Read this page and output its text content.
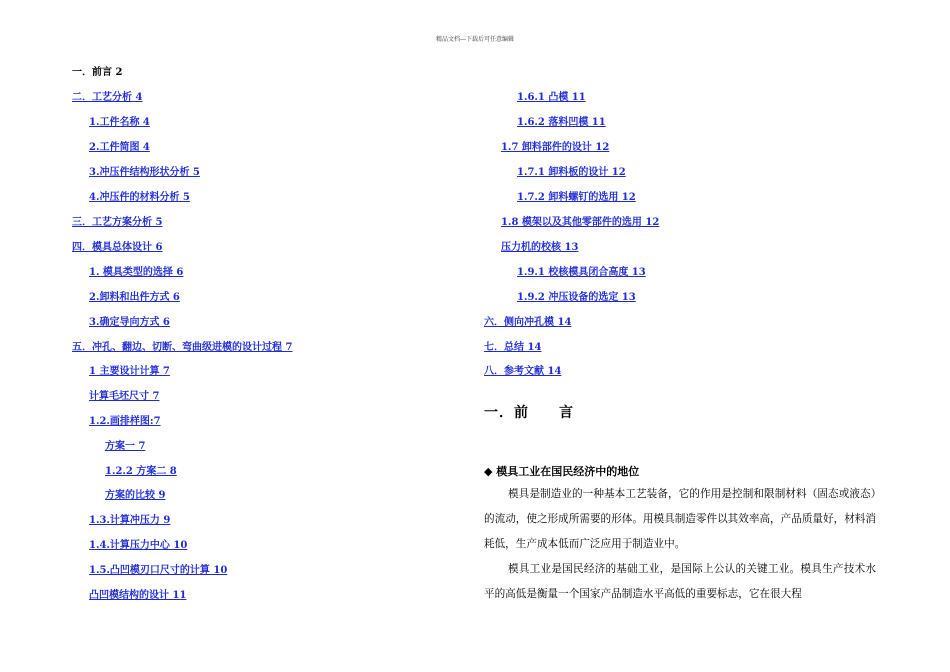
精品文档---下载后可任意编辑
一．前言 2
二．工艺分析 4
1.工件名称 4
2.工件简图 4
3.冲压件结构形状分析 5
4.冲压件的材料分析 5
三．工艺方案分析 5
四．模具总体设计 6
1. 模具类型的选择 6
2.卸料和出件方式 6
3.确定导向方式 6
五．冲孔、翻边、切断、弯曲级进模的设计过程 7
1 主要设计计算 7
计算毛坯尺寸 7
1.2.画排样图:7
方案一 7
1.2.2 方案二 8
方案的比较 9
1.3.计算冲压力 9
1.4.计算压力中心 10
1.5.凸凹模刃口尺寸的计算 10
凸凹模结构的设计 11
1.6.1 凸模 11
1.6.2 落料凹模 11
1.7 卸料部件的设计 12
1.7.1 卸料板的设计 12
1.7.2 卸料螺钉的选用 12
1.8 模架以及其他零部件的选用 12
压力机的校核 13
1.9.1 校核模具闭合高度 13
1.9.2 冲压设备的选定 13
六．侧向冲孔模 14
七．总结 14
八．参考文献 14
一．前　　言
◆ 模具工业在国民经济中的地位
模具是制造业的一种基本工艺装备，它的作用是控制和限制材料（固态或液态）的流动，使之形成所需要的形体。用模具制造零件以其效率高，产品质量好，材料消耗低，生产成本低而广泛应用于制造业中。
模具工业是国民经济的基础工业，是国际上公认的关键工业。模具生产技术水平的高低是衡量一个国家产品制造水平高低的重要标志，它在很大程
